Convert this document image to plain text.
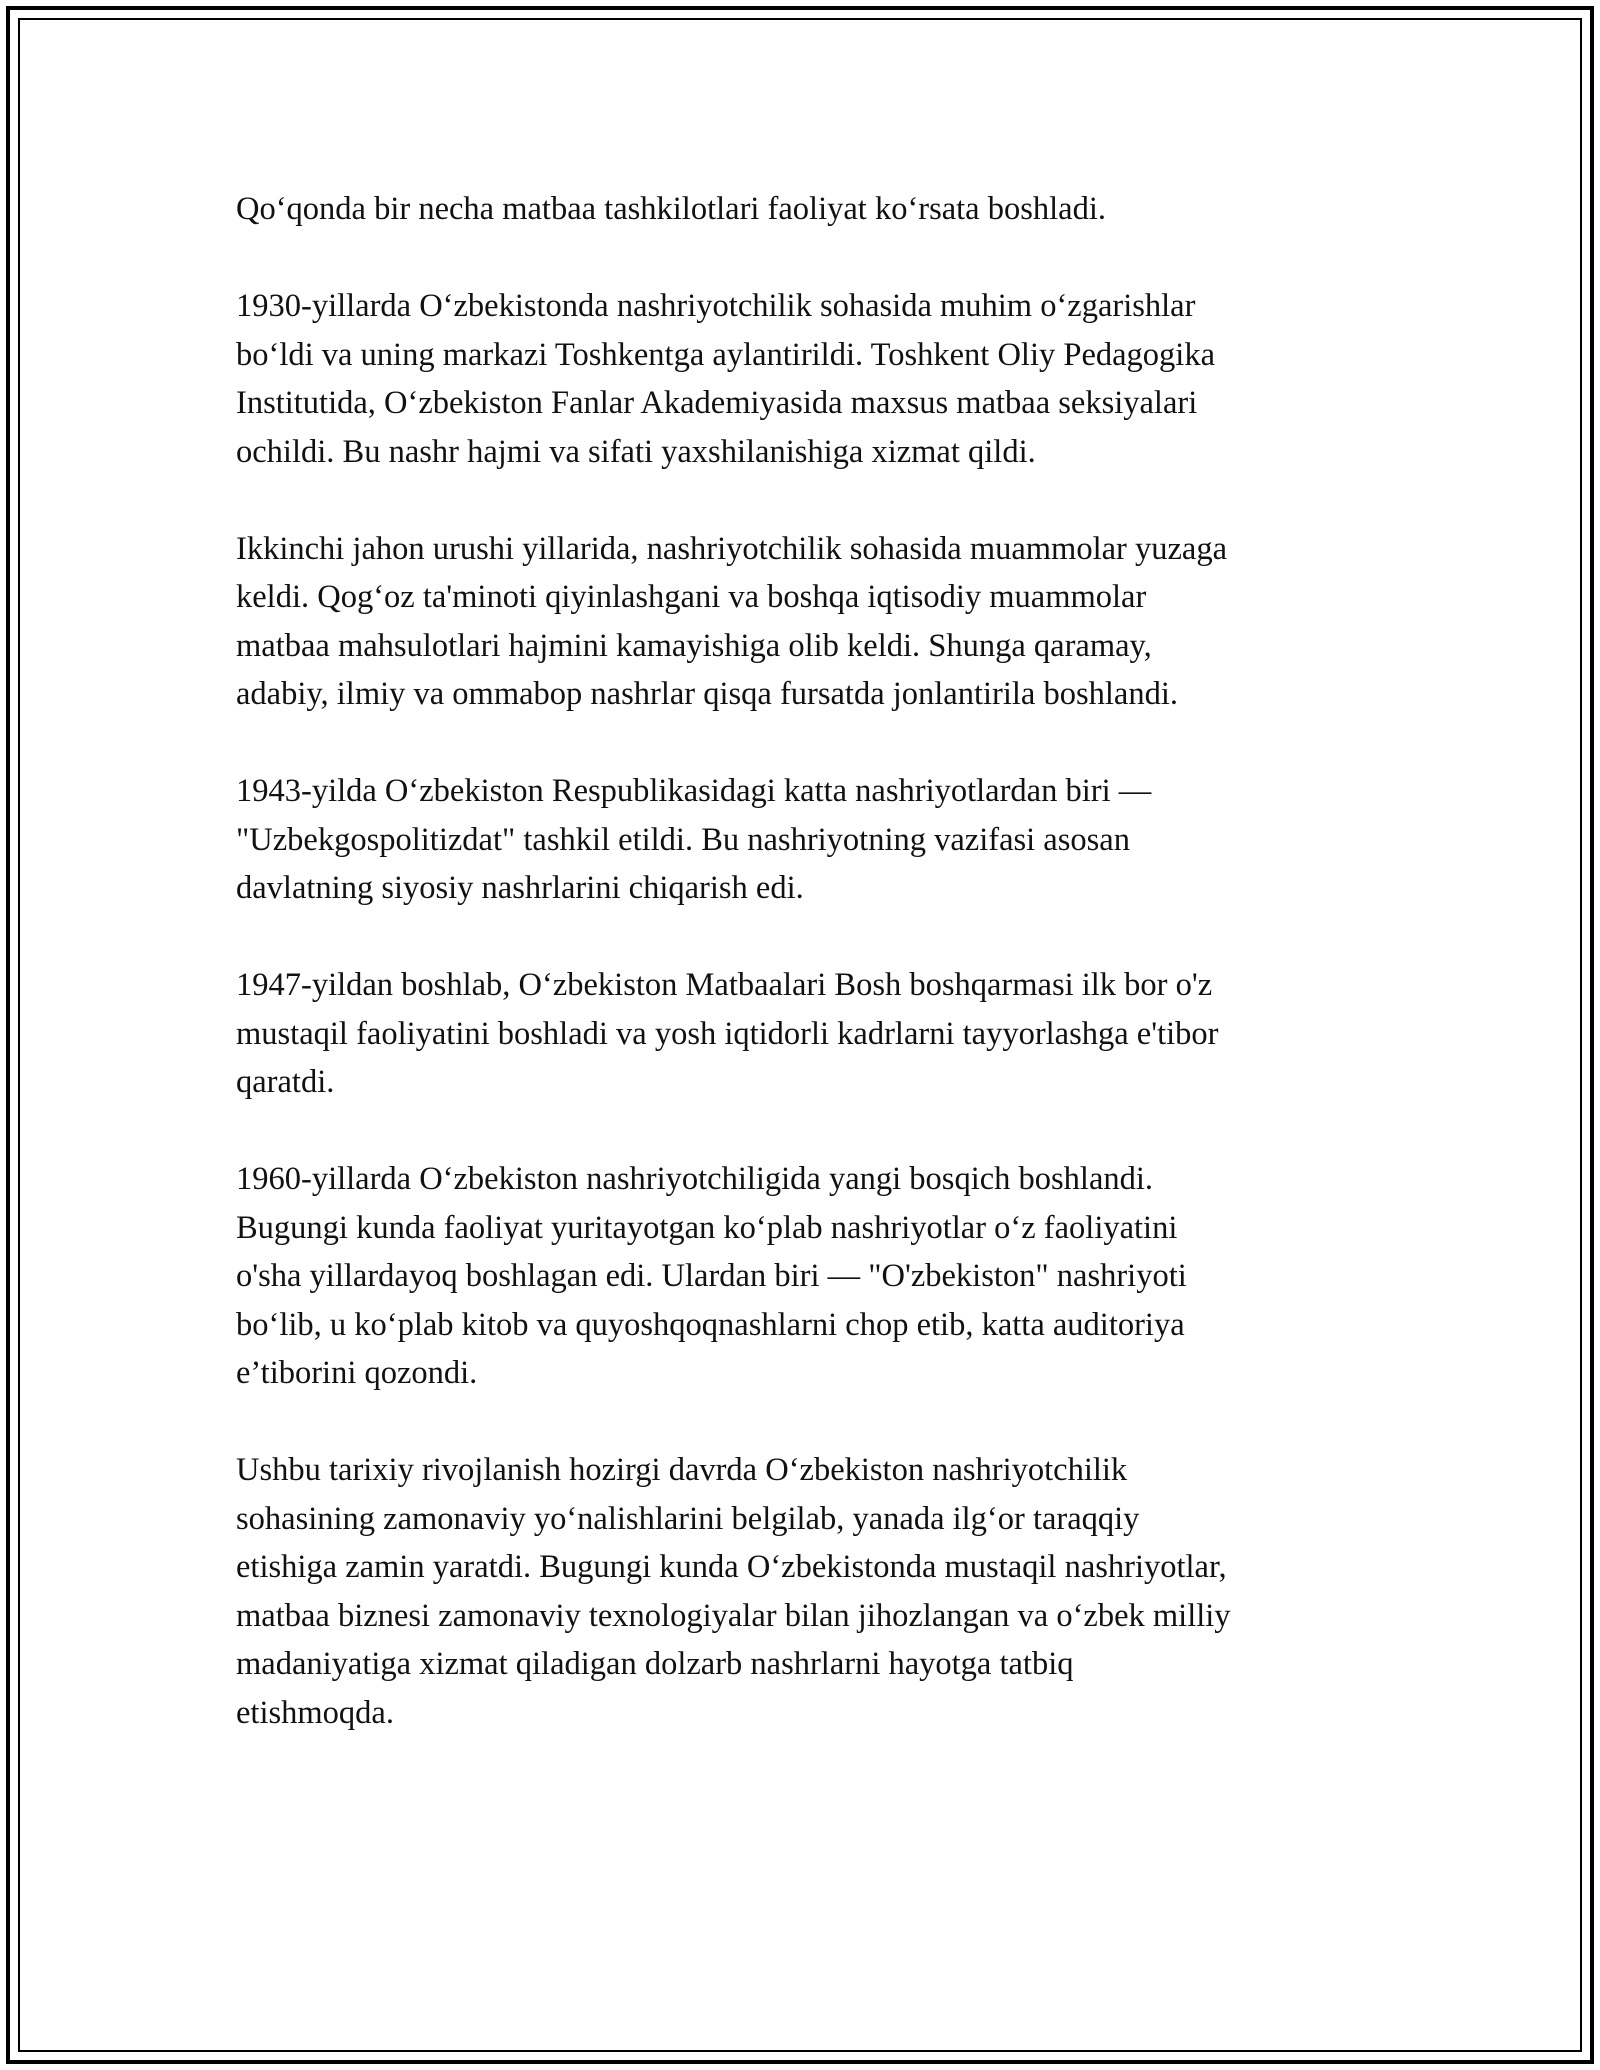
Qo‘qonda bir necha matbaa tashkilotlari faoliyat ko‘rsata boshladi.

1930-yillarda O‘zbekistonda nashriyotchilik sohasida muhim o‘zgarishlar
bo‘ldi va uning markazi Toshkentga aylantirildi. Toshkent Oliy Pedagogika
Institutida, O‘zbekiston Fanlar Akademiyasida maxsus matbaa seksiyalari
ochildi. Bu nashr hajmi va sifati yaxshilanishiga xizmat qildi.

Ikkinchi jahon urushi yillarida, nashriyotchilik sohasida muammolar yuzaga
keldi. Qog‘oz ta'minoti qiyinlashgani va boshqa iqtisodiy muammolar
matbaa mahsulotlari hajmini kamayishiga olib keldi. Shunga qaramay,
adabiy, ilmiy va ommabop nashrlar qisqa fursatda jonlantirila boshlandi.

1943-yilda O‘zbekiston Respublikasidagi katta nashriyotlardan biri —
"Uzbekgospolitizdat" tashkil etildi. Bu nashriyotning vazifasi asosan
davlatning siyosiy nashrlarini chiqarish edi.

1947-yildan boshlab, O‘zbekiston Matbaalari Bosh boshqarmasi ilk bor o'z
mustaqil faoliyatini boshladi va yosh iqtidorli kadrlarni tayyorlashga e'tibor
qaratdi.

1960-yillarda O‘zbekiston nashriyotchiligida yangi bosqich boshlandi.
Bugungi kunda faoliyat yuritayotgan ko‘plab nashriyotlar o‘z faoliyatini
o'sha yillardayoq boshlagan edi. Ulardan biri — "O'zbekiston" nashriyoti
bo‘lib, u ko‘plab kitob va quyoshqoqnashlarni chop etib, katta auditoriya
e’tiborini qozondi.

Ushbu tarixiy rivojlanish hozirgi davrda O‘zbekiston nashriyotchilik
sohasining zamonaviy yo‘nalishlarini belgilab, yanada ilg‘or taraqqiy
etishiga zamin yaratdi. Bugungi kunda O‘zbekistonda mustaqil nashriyotlar,
matbaa biznesi zamonaviy texnologiyalar bilan jihozlangan va o‘zbek milliy
madaniyatiga xizmat qiladigan dolzarb nashrlarni hayotga tatbiq
etishmoqda.
